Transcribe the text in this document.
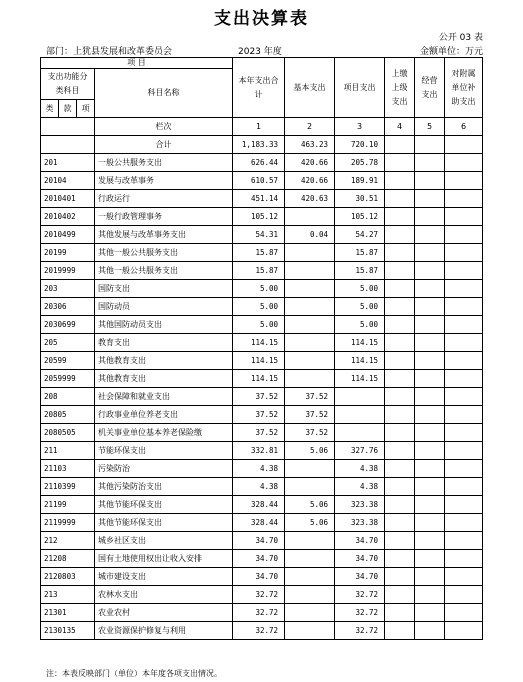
支出决算表
公开 03 表
部门：上犹县发展和改革委员会	2023 年度	金额单位：万元
项 目				本年支出合计	基本支出	项目支出	上缴上级支出	经营支出	对附属单位补助支出
支出功能分类科目			科目名称						
类	款	项							
			栏次	1	2	3	4	5	6
			合计	1,183.33	463.23	720.10			
201			一般公共服务支出	626.44	420.66	205.78			
20104			发展与改革事务	610.57	420.66	189.91			
2010401			行政运行	451.14	420.63	30.51			
2010402			一般行政管理事务	105.12		105.12			
2010499			其他发展与改革事务支出	54.31	0.04	54.27			
20199			其他一般公共服务支出	15.87		15.87			
2019999			其他一般公共服务支出	15.87		15.87			
203			国防支出	5.00		5.00			
20306			国防动员	5.00		5.00			
2030699			其他国防动员支出	5.00		5.00			
205			教育支出	114.15		114.15			
20599			其他教育支出	114.15		114.15			
2059999			其他教育支出	114.15		114.15			
208			社会保障和就业支出	37.52	37.52				
20805			行政事业单位养老支出	37.52	37.52				
2080505			机关事业单位基本养老保险缴	37.52	37.52				
211			节能环保支出	332.81	5.06	327.76			
21103			污染防治	4.38		4.38			
2110399			其他污染防治支出	4.38		4.38			
21199			其他节能环保支出	328.44	5.06	323.38			
2119999			其他节能环保支出	328.44	5.06	323.38			
212			城乡社区支出	34.70		34.70			
21208			国有土地使用权出让收入安排	34.70		34.70			
2120803			城市建设支出	34.70		34.70			
213			农林水支出	32.72		32.72			
21301			农业农村	32.72		32.72			
2130135			农业资源保护修复与利用	32.72		32.72			
注：本表反映部门（单位）本年度各项支出情况。
